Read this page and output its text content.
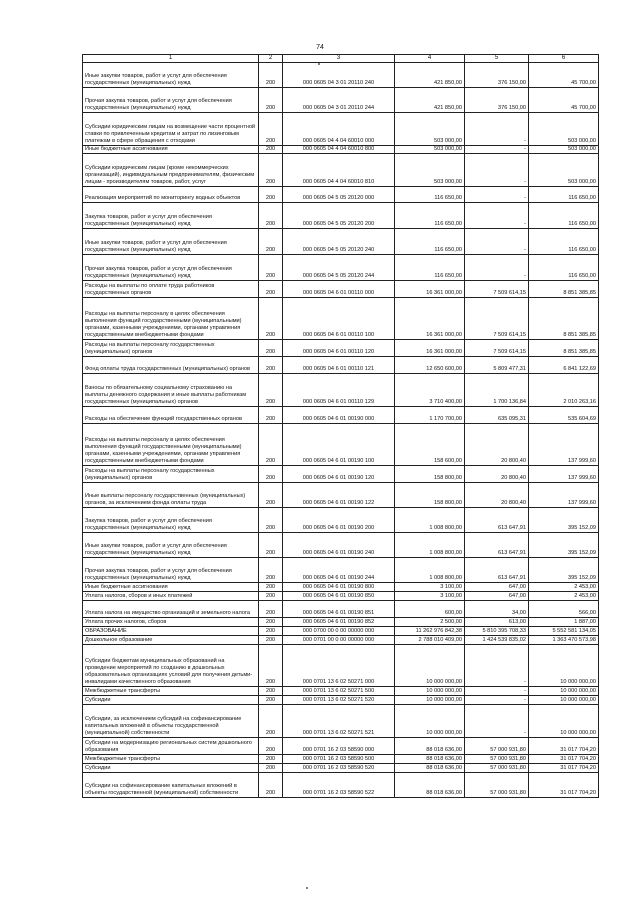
74
1	2	3	4	5	6
Иные закупки товаров, работ и услуг для обеспечения государственных (муниципальных) нужд	200	000 0605 04 3 01 20110 240	421 850,00	376 150,00	45 700,00
Прочая закупка товаров, работ и услуг для обеспечения государственных (муниципальных) нужд	200	000 0605 04 3 01 20110 244	421 850,00	376 150,00	45 700,00
Субсидии юридическим лицам на возмещение части процентной ставки по привлеченным кредитам и затрат по лизинговым платежам в сфере обращения с отходами	200	000 0605 04 4 04 60010 000	503 000,00	-	503 000,00
Иные бюджетные ассигнования	200	000 0605 04 4 04 60010 800	503 000,00	-	503 000,00
Субсидии юридическим лицам (кроме некоммерческих организаций), индивидуальным предпринимателям, физическим лицам - производителям товаров, работ, услуг	200	000 0605 04 4 04 60010 810	503 000,00	-	503 000,00
Реализация мероприятий по мониторингу водных объектов	200	000 0605 04 5 05 20120 000	116 650,00	-	116 650,00
Закупка товаров, работ и услуг для обеспечения государственных (муниципальных) нужд	200	000 0605 04 5 05 20120 200	116 650,00	-	116 650,00
Иные закупки товаров, работ и услуг для обеспечения государственных (муниципальных) нужд	200	000 0605 04 5 05 20120 240	116 650,00	-	116 650,00
Прочая закупка товаров, работ и услуг для обеспечения государственных (муниципальных) нужд	200	000 0605 04 5 05 20120 244	116 650,00	-	116 650,00
Расходы на выплаты по оплате труда работников государственных органов	200	000 0605 04 6 01 00110 000	16 361 000,00	7 509 614,15	8 851 385,85
Расходы на выплаты персоналу в целях обеспечения выполнения функций государственными (муниципальными) органами, казенными учреждениями, органами управления государственными внебюджетными фондами	200	000 0605 04 6 01 00110 100	16 361 000,00	7 509 614,15	8 851 385,85
Расходы на выплаты персоналу государственных (муниципальных) органов	200	000 0605 04 6 01 00110 120	16 361 000,00	7 509 614,15	8 851 385,85
Фонд оплаты труда государственных (муниципальных) органов	200	000 0605 04 6 01 00110 121	12 650 600,00	5 809 477,31	6 841 122,69
Взносы по обязательному социальному страхованию на выплаты денежного содержания и иные выплаты работникам государственных (муниципальных) органов	200	000 0605 04 6 01 00110 129	3 710 400,00	1 700 136,84	2 010 263,16
Расходы на обеспечение функций государственных органов	200	000 0605 04 6 01 00190 000	1 170 700,00	635 095,31	535 604,69
Расходы на выплаты персоналу в целях обеспечения выполнения функций государственными (муниципальными) органами, казенными учреждениями, органами управления государственными внебюджетными фондами	200	000 0605 04 6 01 00190 100	158 600,00	20 800,40	137 999,60
Расходы на выплаты персоналу государственных (муниципальных) органов	200	000 0605 04 6 01 00190 120	158 800,00	20 800,40	137 999,60
Иные выплаты персоналу государственных (муниципальных) органов, за исключением фонда оплаты труда	200	000 0605 04 6 01 00190 122	158 800,00	20 800,40	137 999,60
Закупка товаров, работ и услуг для обеспечения государственных (муниципальных) нужд	200	000 0605 04 6 01 00190 200	1 008 800,00	613 647,91	395 152,09
Иные закупки товаров, работ и услуг для обеспечения государственных (муниципальных) нужд	200	000 0605 04 6 01 00190 240	1 008 800,00	613 647,91	395 152,09
Прочая закупка товаров, работ и услуг для обеспечения государственных (муниципальных) нужд	200	000 0605 04 6 01 00190 244	1 008 800,00	613 647,91	395 152,09
Иные бюджетные ассигнования	200	000 0605 04 6 01 00190 800	3 100,00	647,00	2 453,00
Уплата налогов, сборов и иных платежей	200	000 0605 04 6 01 00190 850	3 100,00	647,00	2 453,00
Уплата налога на имущество организаций и земельного налога	200	000 0605 04 6 01 00190 851	600,00	34,00	566,00
Уплата прочих налогов, сборов	200	000 0605 04 6 01 00190 852	2 500,00	613,00	1 887,00
ОБРАЗОВАНИЕ	200	000 0700 00 0 00 00000 000	11 262 976 842,38	5 810 395 708,33	5 552 581 134,05
Дошкольное образование	200	000 0701 00 0 00 00000 000	2 788 010 409,00	1 424 539 835,02	1 363 470 573,98
Субсидии бюджетам муниципальных образований на проведение мероприятий по созданию в дошкольных образовательных организациях условий для получения детьми-инвалидами качественного образования	200	000 0701 13 6 02 50271 000	10 000 000,00	-	10 000 000,00
Межбюджетные трансферты	200	000 0701 13 6 02 50271 500	10 000 000,00	-	10 000 000,00
Субсидии	200	000 0701 13 6 02 50271 520	10 000 000,00	-	10 000 000,00
Субсидии, за исключением субсидий на софинансирование капитальных вложений в объекты государственной (муниципальной) собственности	200	000 0701 13 6 02 50271 521	10 000 000,00	-	10 000 000,00
Субсидии на модернизацию региональных систем дошкольного образования	200	000 0701 16 2 03 58590 000	88 018 636,00	57 000 931,80	31 017 704,20
Межбюджетные трансферты	200	000 0701 16 2 03 58590 500	88 018 636,00	57 000 931,80	31 017 704,20
Субсидии	200	000 0701 16 2 03 58590 520	88 018 636,00	57 000 931,80	31 017 704,20
Субсидии на софинансирование капитальных вложений в объекты государственной (муниципальной) собственности	200	000 0701 16 2 03 58590 522	88 018 636,00	57 000 931,80	31 017 704,20
